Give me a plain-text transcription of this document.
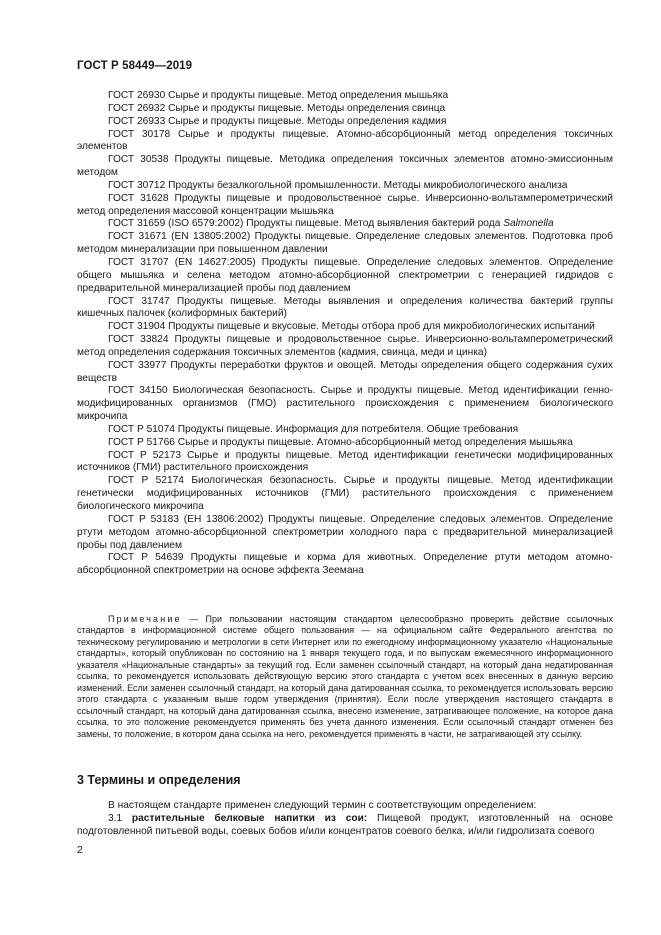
ГОСТ Р 58449—2019

ГОСТ 26930 Сырье и продукты пищевые. Метод определения мышьяка

ГОСТ 26932 Сырье и продукты пищевые. Методы определения свинца

ГОСТ 26933 Сырье и продукты пищевые. Методы определения кадмия

ГОСТ 30178 Сырье и продукты пищевые. Атомно-абсорбционный метод определения токсичных элементов

ГОСТ 30538 Продукты пищевые. Методика определения токсичных элементов атомно-эмиссионным методом

ГОСТ 30712 Продукты безалкогольной промышленности. Методы микробиологического анализа

ГОСТ 31628 Продукты пищевые и продовольственное сырье. Инверсионно-вольтамперометрический метод определения массовой концентрации мышьяка

ГОСТ 31659 (ISO 6579:2002) Продукты пищевые. Метод выявления бактерий рода Salmonella

ГОСТ 31671 (EN 13805:2002) Продукты пищевые. Определение следовых элементов. Подготовка проб методом минерализации при повышенном давлении

ГОСТ 31707 (EN 14627:2005) Продукты пищевые. Определение следовых элементов. Определение общего мышьяка и селена методом атомно-абсорбционной спектрометрии с генерацией гидридов с предварительной минерализацией пробы под давлением

ГОСТ 31747 Продукты пищевые. Методы выявления и определения количества бактерий группы кишечных палочек (колиформных бактерий)

ГОСТ 31904 Продукты пищевые и вкусовые. Методы отбора проб для микробиологических испытаний

ГОСТ 33824 Продукты пищевые и продовольственное сырье. Инверсионно-вольтамперометрический метод определения содержания токсичных элементов (кадмия, свинца, меди и цинка)

ГОСТ 33977 Продукты переработки фруктов и овощей. Методы определения общего содержания сухих веществ

ГОСТ 34150 Биологическая безопасность. Сырье и продукты пищевые. Метод идентификации генно-модифицированных организмов (ГМО) растительного происхождения с применением биологического микрочипа

ГОСТ Р 51074 Продукты пищевые. Информация для потребителя. Общие требования

ГОСТ Р 51766 Сырье и продукты пищевые. Атомно-абсорбционный метод определения мышьяка

ГОСТ Р 52173 Сырье и продукты пищевые. Метод идентификации генетически модифицированных источников (ГМИ) растительного происхождения

ГОСТ Р 52174 Биологическая безопасность. Сырье и продукты пищевые. Метод идентификации генетически модифицированных источников (ГМИ) растительного происхождения с применением биологического микрочипа

ГОСТ Р 53183 (ЕН 13806:2002) Продукты пищевые. Определение следовых элементов. Определение ртути методом атомно-абсорбционной спектрометрии холодного пара с предварительной минерализацией пробы под давлением

ГОСТ Р 54639 Продукты пищевые и корма для животных. Определение ртути методом атомно-абсорбционной спектрометрии на основе эффекта Зеемана

Примечание — При пользовании настоящим стандартом целесообразно проверить действие ссылочных стандартов в информационной системе общего пользования — на официальном сайте Федерального агентства по техническому регулированию и метрологии в сети Интернет или по ежегодному информационному указателю «Национальные стандарты», который опубликован по состоянию на 1 января текущего года, и по выпускам ежемесячного информационного указателя «Национальные стандарты» за текущий год. Если заменен ссылочный стандарт, на который дана недатированная ссылка, то рекомендуется использовать действующую версию этого стандарта с учетом всех внесенных в данную версию изменений. Если заменен ссылочный стандарт, на который дана датированная ссылка, то рекомендуется использовать версию этого стандарта с указанным выше годом утверждения (принятия). Если после утверждения настоящего стандарта в ссылочный стандарт, на который дана датированная ссылка, внесено изменение, затрагивающее положение, на которое дана ссылка, то это положение рекомендуется применять без учета данного изменения. Если ссылочный стандарт отменен без замены, то положение, в котором дана ссылка на него, рекомендуется применять в части, не затрагивающей эту ссылку.

3 Термины и определения

В настоящем стандарте применен следующий термин с соответствующим определением:

3.1 растительные белковые напитки из сои: Пищевой продукт, изготовленный на основе подготовленной питьевой воды, соевых бобов и/или концентратов соевого белка, и/или гидролизата соевого

2
